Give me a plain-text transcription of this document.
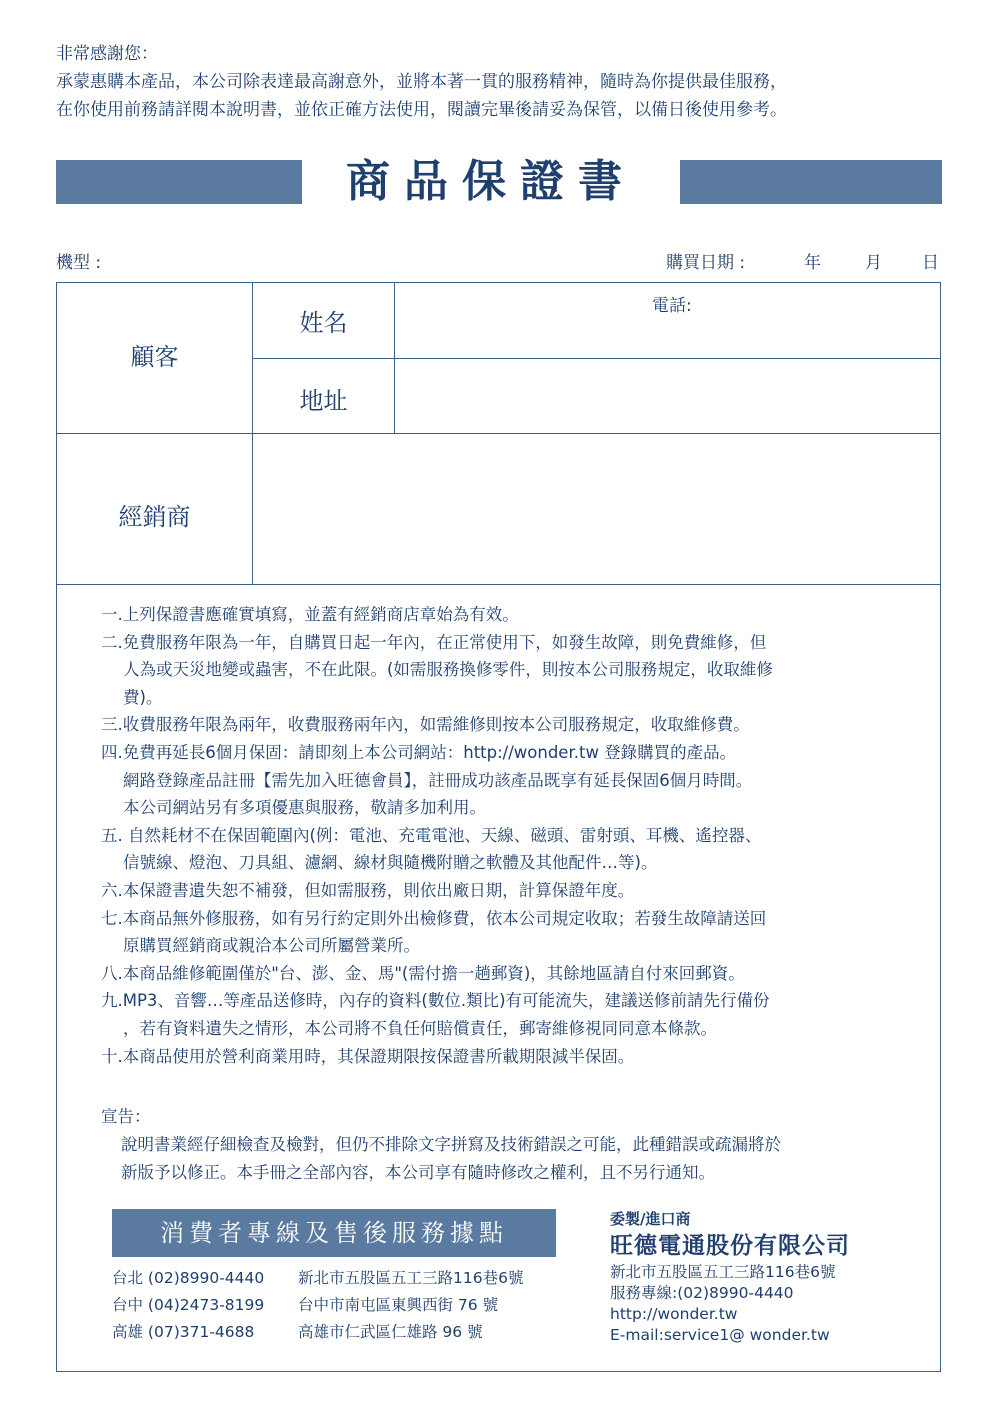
非常感謝您：
承蒙惠購本產品，本公司除表達最高謝意外，並將本著一貫的服務精神，隨時為你提供最佳服務，
在你使用前務請詳閱本說明書，並依正確方法使用，閱讀完畢後請妥為保管，以備日後使用參考。
商品保證書
機型 :	購買日期 :	年	月 日
顧客
姓名
電話:
地址
經銷商
一.上列保證書應確實填寫，並蓋有經銷商店章始為有效。
二.免費服務年限為一年，自購買日起一年內，在正常使用下，如發生故障，則免費維修，但
人為或天災地變或蟲害，不在此限。(如需服務換修零件，則按本公司服務規定，收取維修
費)。
三.收費服務年限為兩年，收費服務兩年內，如需維修則按本公司服務規定，收取維修費。
四.免費再延長6個月保固：請即刻上本公司網站：http://wonder.tw 登錄購買的產品。
網路登錄產品註冊【需先加入旺德會員】，註冊成功該產品既享有延長保固6個月時間。
本公司網站另有多項優惠與服務，敬請多加利用。
五. 自然耗材不在保固範圍內(例：電池、充電電池、天線、磁頭、雷射頭、耳機、遙控器、
信號線、燈泡、刀具組、濾網、線材與隨機附贈之軟體及其他配件…等)。
六.本保證書遺失恕不補發，但如需服務，則依出廠日期，計算保證年度。
七.本商品無外修服務，如有另行約定則外出檢修費，依本公司規定收取；若發生故障請送回
原購買經銷商或親洽本公司所屬營業所。
八.本商品維修範圍僅於"台、澎、金、馬"(需付擔一趟郵資)，其餘地區請自付來回郵資。
九.MP3、音響…等產品送修時，內存的資料(數位.類比)有可能流失，建議送修前請先行備份
，若有資料遺失之情形，本公司將不負任何賠償責任，郵寄維修視同同意本條款。
十.本商品使用於營利商業用時，其保證期限按保證書所載期限減半保固。
宣告：
說明書業經仔細檢查及檢對，但仍不排除文字拼寫及技術錯誤之可能，此種錯誤或疏漏將於
新版予以修正。本手冊之全部內容，本公司享有隨時修改之權利，且不另行通知。
消費者專線及售後服務據點
台北 (02)8990-4440 新北市五股區五工三路116巷6號
台中 (04)2473-8199 台中市南屯區東興西街 76 號
高雄 (07)371-4688	高雄市仁武區仁雄路 96 號
委製/進口商
旺德電通股份有限公司
新北市五股區五工三路116巷6號
服務專線:(02)8990-4440
http://wonder.tw
E-mail:service1@ wonder.tw
